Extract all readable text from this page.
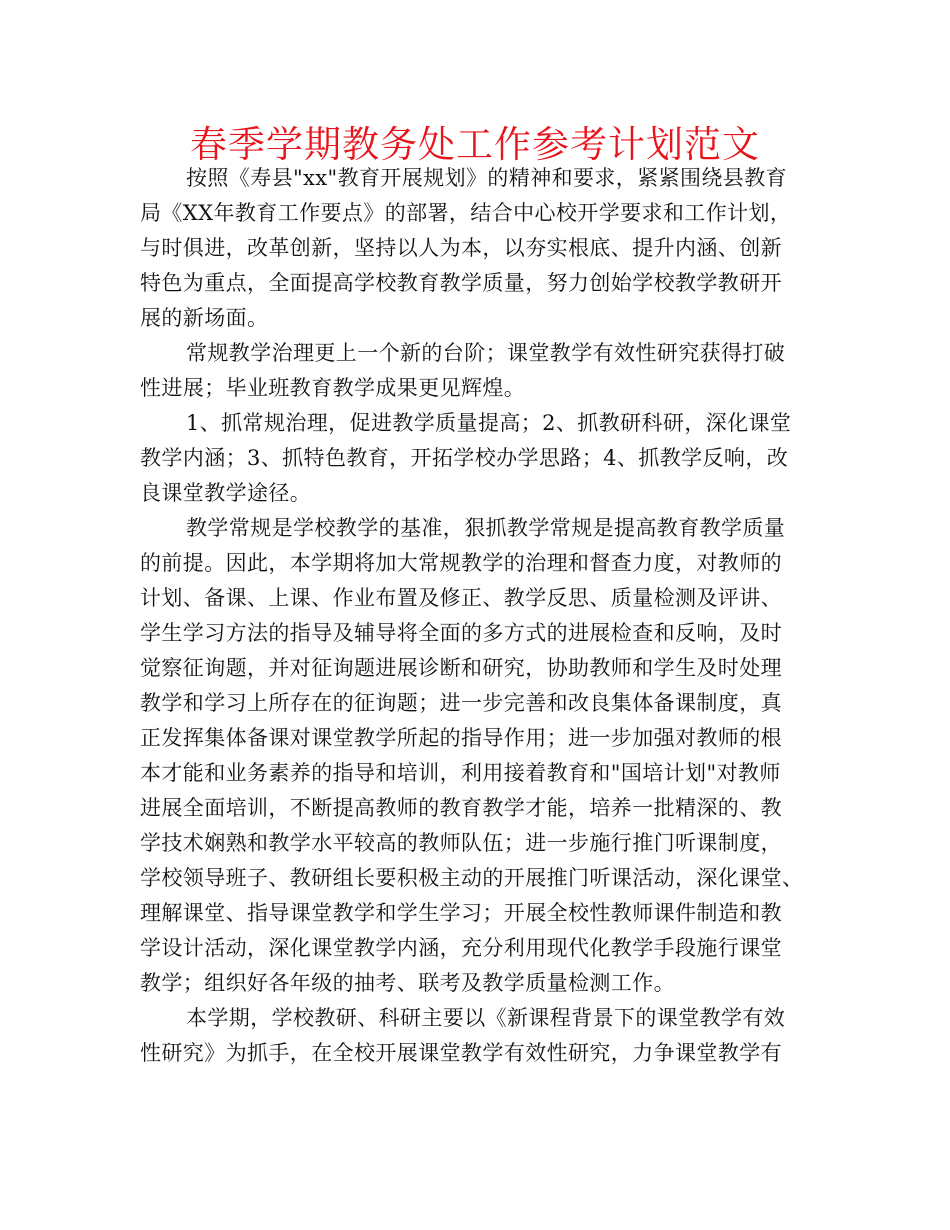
春季学期教务处工作参考计划范文
按照《寿县"xx"教育开展规划》的精神和要求，紧紧围绕县教育
局《XX年教育工作要点》的部署，结合中心校开学要求和工作计划，
与时俱进，改革创新，坚持以人为本，以夯实根底、提升内涵、创新
特色为重点，全面提高学校教育教学质量，努力创始学校教学教研开
展的新场面。
常规教学治理更上一个新的台阶；课堂教学有效性研究获得打破
性进展；毕业班教育教学成果更见辉煌。
1、抓常规治理，促进教学质量提高；2、抓教研科研，深化课堂
教学内涵；3、抓特色教育，开拓学校办学思路；4、抓教学反响，改
良课堂教学途径。
教学常规是学校教学的基准，狠抓教学常规是提高教育教学质量
的前提。因此，本学期将加大常规教学的治理和督查力度，对教师的
计划、备课、上课、作业布置及修正、教学反思、质量检测及评讲、
学生学习方法的指导及辅导将全面的多方式的进展检查和反响，及时
觉察征询题，并对征询题进展诊断和研究，协助教师和学生及时处理
教学和学习上所存在的征询题；进一步完善和改良集体备课制度，真
正发挥集体备课对课堂教学所起的指导作用；进一步加强对教师的根
本才能和业务素养的指导和培训，利用接着教育和"国培计划"对教师
进展全面培训，不断提高教师的教育教学才能，培养一批精深的、教
学技术娴熟和教学水平较高的教师队伍；进一步施行推门听课制度，
学校领导班子、教研组长要积极主动的开展推门听课活动，深化课堂、
理解课堂、指导课堂教学和学生学习；开展全校性教师课件制造和教
学设计活动，深化课堂教学内涵，充分利用现代化教学手段施行课堂
教学；组织好各年级的抽考、联考及教学质量检测工作。
本学期，学校教研、科研主要以《新课程背景下的课堂教学有效
性研究》为抓手，在全校开展课堂教学有效性研究，力争课堂教学有
